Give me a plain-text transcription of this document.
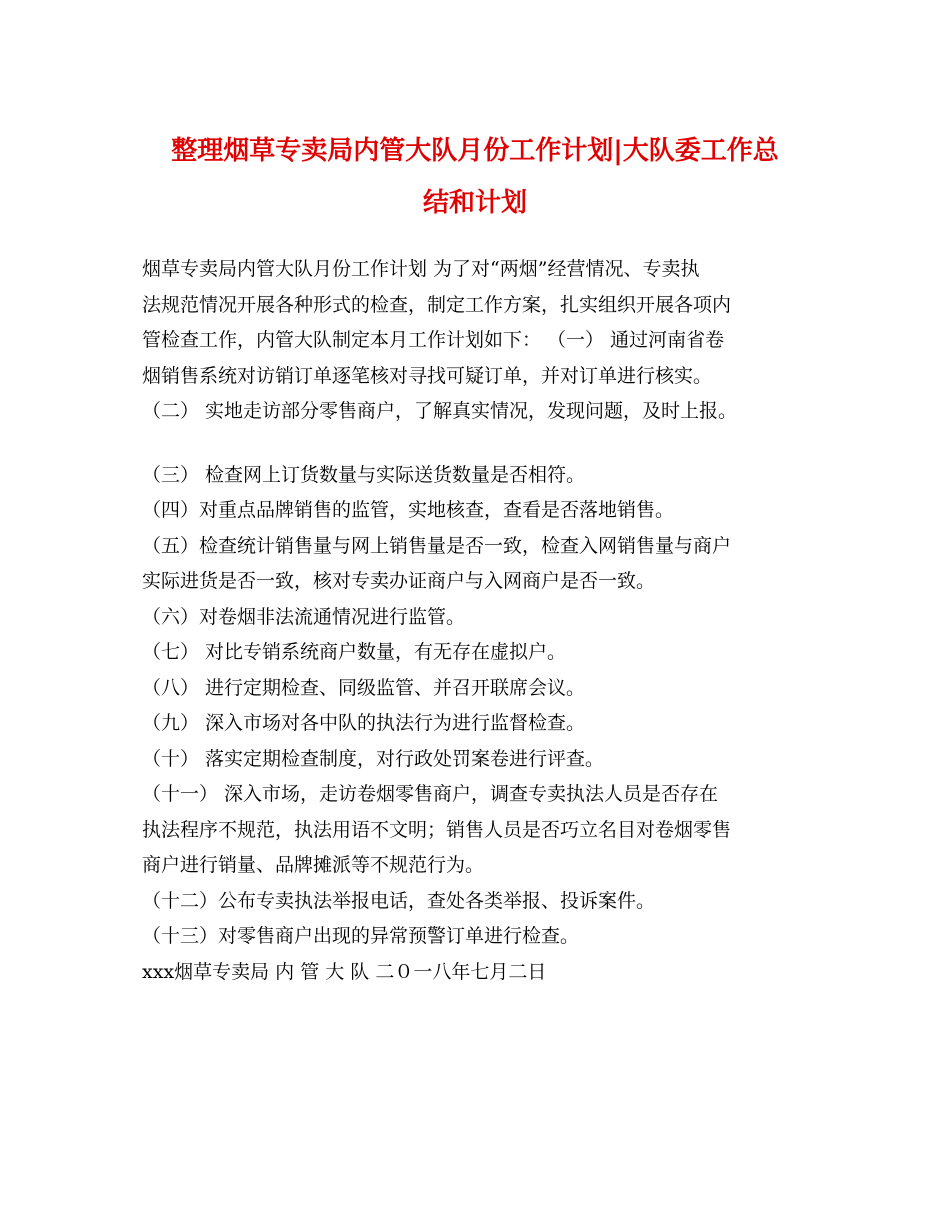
整理烟草专卖局内管大队月份工作计划|大队委工作总
结和计划
烟草专卖局内管大队月份工作计划 为了对“两烟”经营情况、专卖执
法规范情况开展各种形式的检查，制定工作方案，扎实组织开展各项内
管检查工作，内管大队制定本月工作计划如下： （一） 通过河南省卷
烟销售系统对访销订单逐笔核对寻找可疑订单，并对订单进行核实。
（二） 实地走访部分零售商户，了解真实情况，发现问题，及时上报。
（三） 检查网上订货数量与实际送货数量是否相符。
（四）对重点品牌销售的监管，实地核查，查看是否落地销售。
（五）检查统计销售量与网上销售量是否一致，检查入网销售量与商户
实际进货是否一致，核对专卖办证商户与入网商户是否一致。
（六）对卷烟非法流通情况进行监管。
（七） 对比专销系统商户数量，有无存在虚拟户。
（八） 进行定期检查、同级监管、并召开联席会议。
（九） 深入市场对各中队的执法行为进行监督检查。
（十） 落实定期检查制度，对行政处罚案卷进行评查。
（十一） 深入市场，走访卷烟零售商户，调查专卖执法人员是否存在
执法程序不规范，执法用语不文明；销售人员是否巧立名目对卷烟零售
商户进行销量、品牌摊派等不规范行为。
（十二）公布专卖执法举报电话，查处各类举报、投诉案件。
（十三）对零售商户出现的异常预警订单进行检查。
xxx烟草专卖局 内 管 大 队 二０一八年七月二日
